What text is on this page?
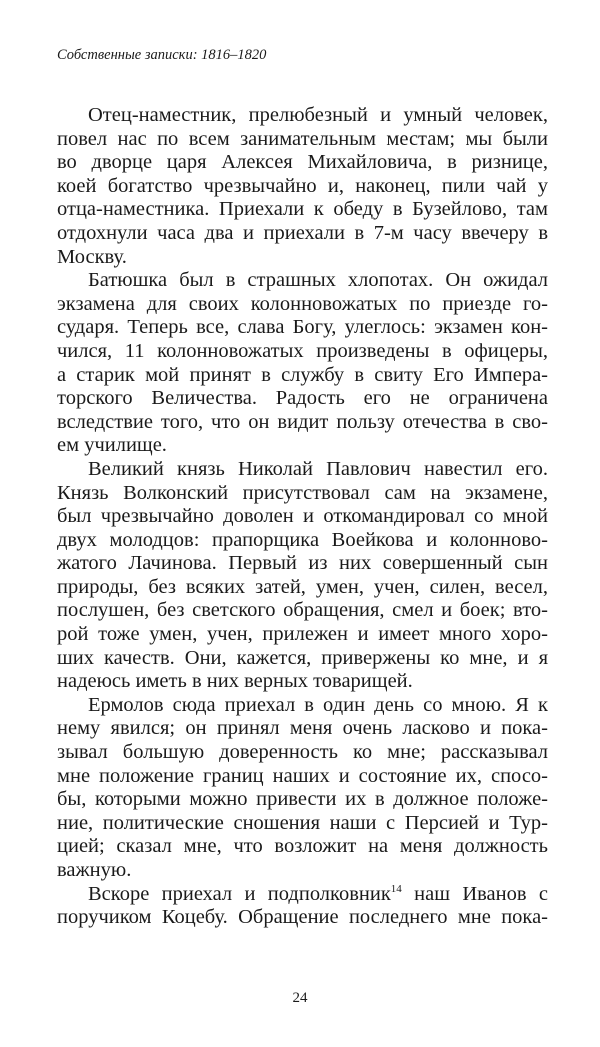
Собственные записки: 1816–1820
Отец-наместник, прелюбезный и умный человек,
повел нас по всем занимательным местам; мы были
во дворце царя Алексея Михайловича, в ризнице,
коей богатство чрезвычайно и, наконец, пили чай у
отца-наместника. Приехали к обеду в Бузейлово, там
отдохнули часа два и приехали в 7-м часу ввечеру в
Москву.
Батюшка был в страшных хлопотах. Он ожидал
экзамена для своих колонновожатых по приезде го-
сударя. Теперь все, слава Богу, улеглось: экзамен кон-
чился, 11 колонновожатых произведены в офицеры,
а старик мой принят в службу в свиту Его Импера-
торского Величества. Радость его не ограничена
вследствие того, что он видит пользу отечества в сво-
ем училище.
Великий князь Николай Павлович навестил его.
Князь Волконский присутствовал сам на экзамене,
был чрезвычайно доволен и откомандировал со мной
двух молодцов: прапорщика Воейкова и колонново-
жатого Лачинова. Первый из них совершенный сын
природы, без всяких затей, умен, учен, силен, весел,
послушен, без светского обращения, смел и боек; вто-
рой тоже умен, учен, прилежен и имеет много хоро-
ших качеств. Они, кажется, привержены ко мне, и я
надеюсь иметь в них верных товарищей.
Ермолов сюда приехал в один день со мною. Я к
нему явился; он принял меня очень ласково и пока-
зывал большую доверенность ко мне; рассказывал
мне положение границ наших и состояние их, спосо-
бы, которыми можно привести их в должное положе-
ние, политические сношения наши с Персией и Тур-
цией; сказал мне, что возложит на меня должность
важную.
Вскоре приехал и подполковник$^{14}$ наш Иванов с
поручиком Коцебу. Обращение последнего мне пока-
24
